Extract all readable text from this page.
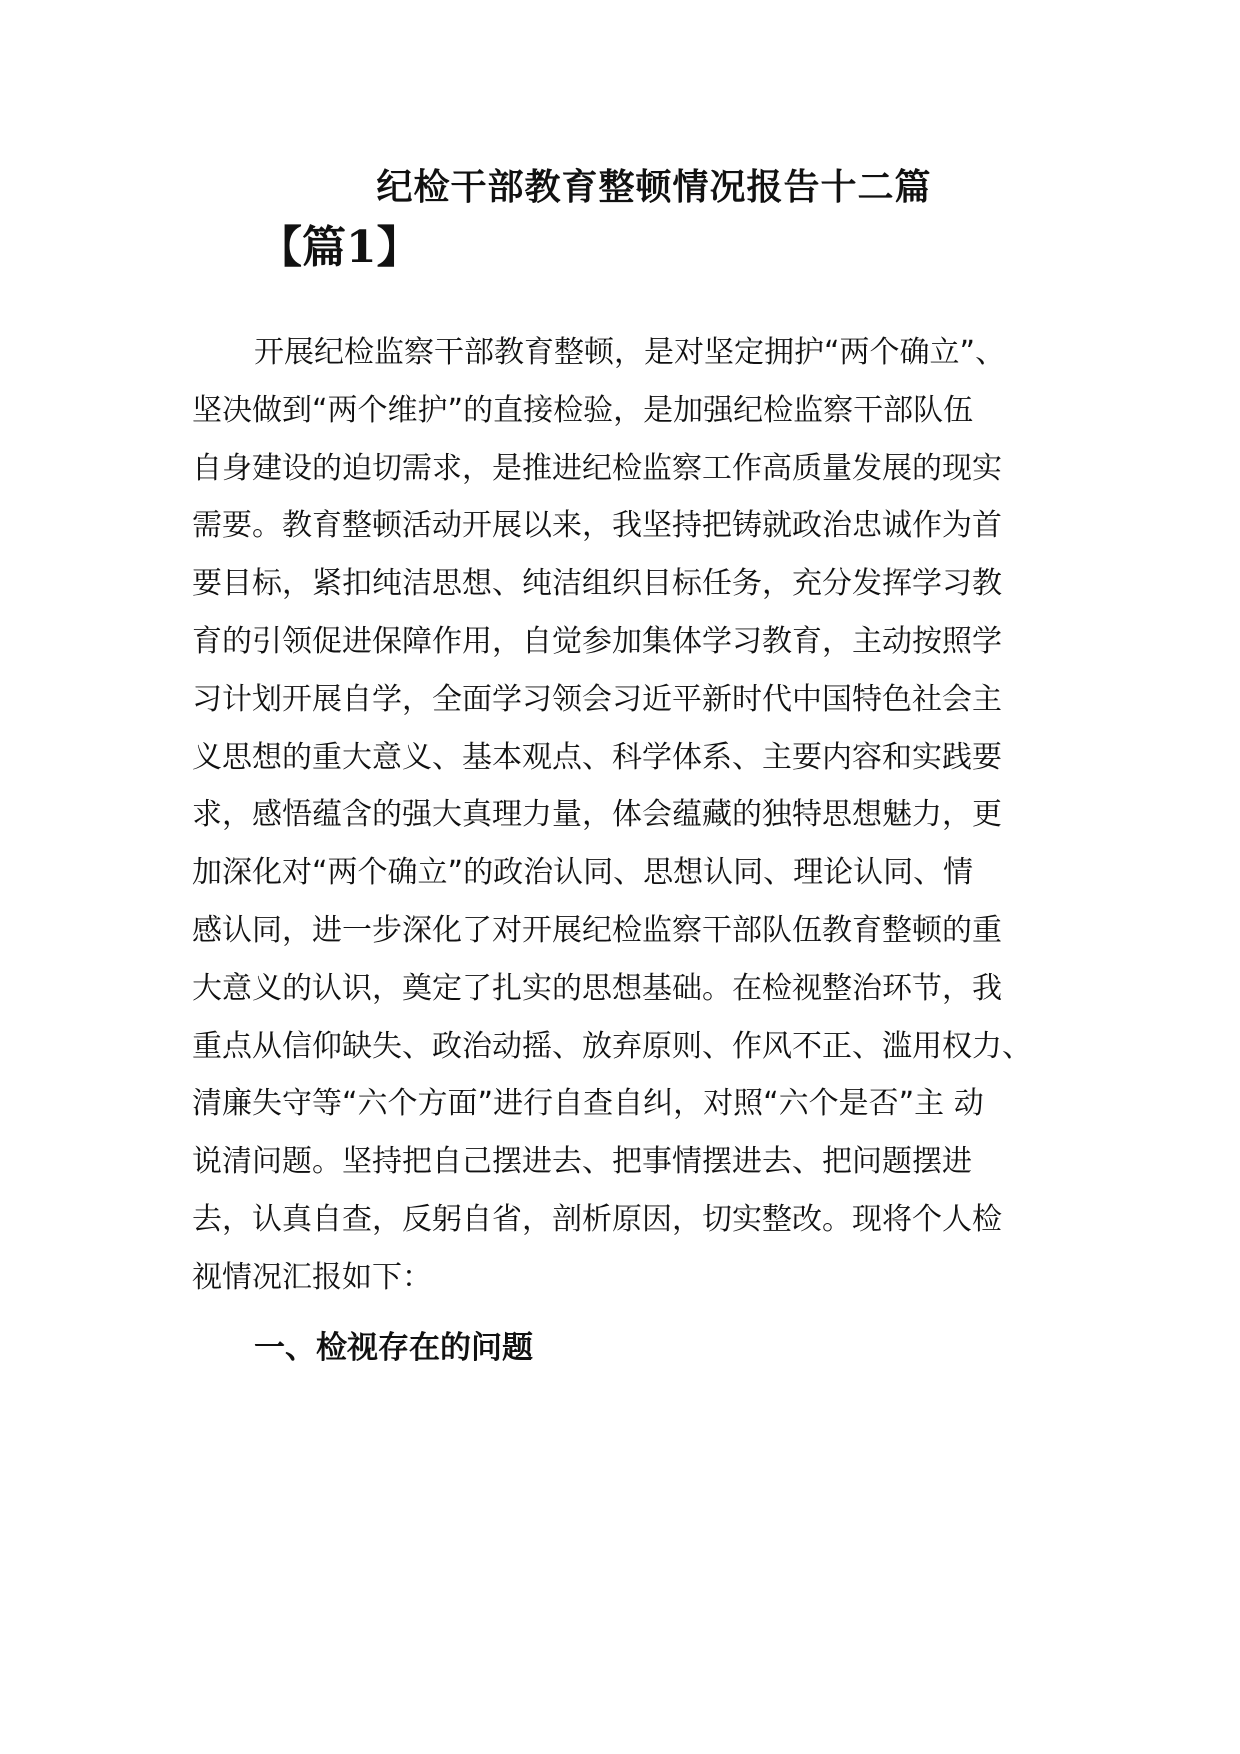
纪检干部教育整顿情况报告十二篇
【篇1】
开展纪检监察干部教育整顿，是对坚定拥护“两个确立”、
坚决做到“两个维护”的直接检验，是加强纪检监察干部队伍
自身建设的迫切需求，是推进纪检监察工作高质量发展的现实
需要。教育整顿活动开展以来，我坚持把铸就政治忠诚作为首
要目标，紧扣纯洁思想、纯洁组织目标任务，充分发挥学习教
育的引领促进保障作用，自觉参加集体学习教育，主动按照学
习计划开展自学，全面学习领会习近平新时代中国特色社会主
义思想的重大意义、基本观点、科学体系、主要内容和实践要
求，感悟蕴含的强大真理力量，体会蕴藏的独特思想魅力，更
加深化对“两个确立”的政治认同、思想认同、理论认同、情
感认同，进一步深化了对开展纪检监察干部队伍教育整顿的重
大意义的认识，奠定了扎实的思想基础。在检视整治环节，我
重点从信仰缺失、政治动摇、放弃原则、作风不正、滥用权力、
清廉失守等“六个方面”进行自查自纠，对照“六个是否”主 动
说清问题。坚持把自己摆进去、把事情摆进去、把问题摆进
去，认真自查，反躬自省，剖析原因，切实整改。现将个人检
视情况汇报如下：
一、检视存在的问题
